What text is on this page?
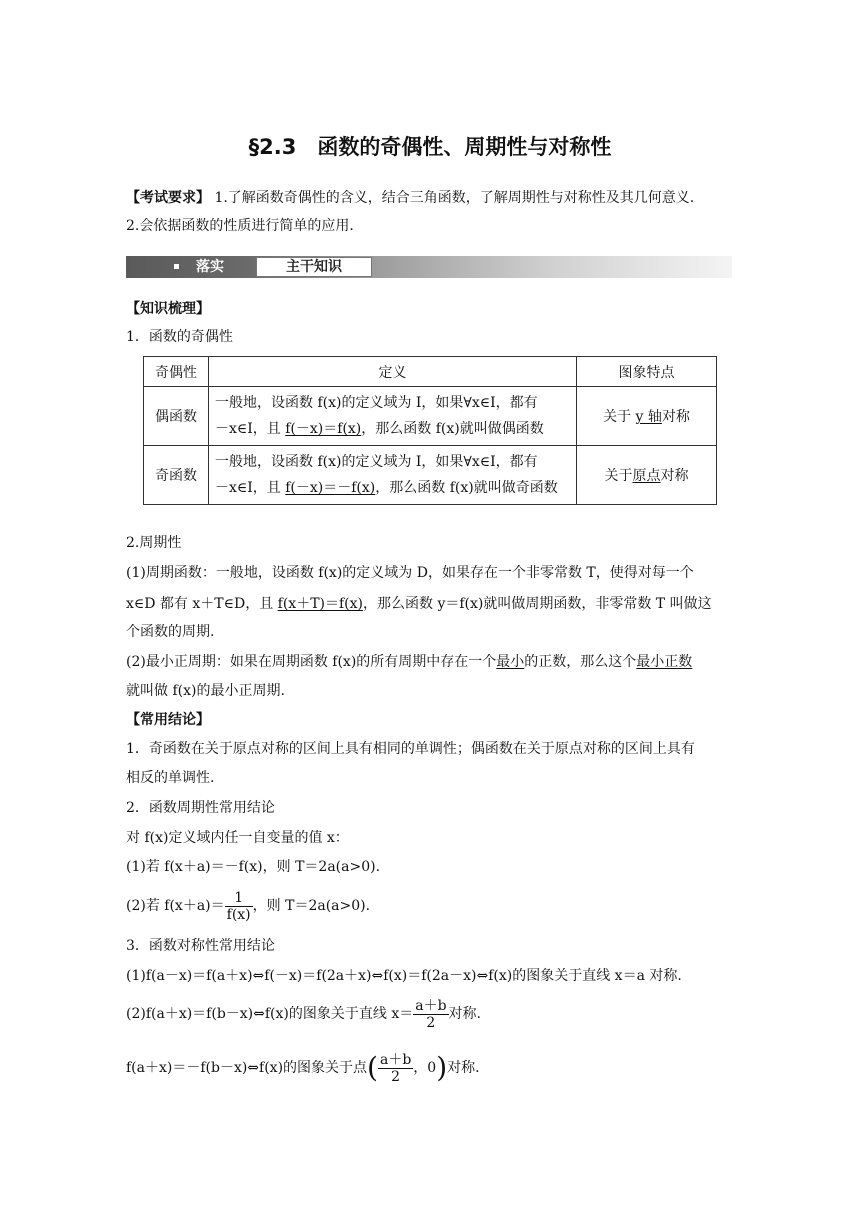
§2.3　函数的奇偶性、周期性与对称性
【考试要求】 1.了解函数奇偶性的含义，结合三角函数，了解周期性与对称性及其几何意义.
2.会依据函数的性质进行简单的应用.
落实	主干知识
【知识梳理】
1．函数的奇偶性
奇偶性	定义	图象特点
偶函数	一般地，设函数 f(x)的定义域为 I，如果∀x∈I，都有
－x∈I，且 f(－x)＝f(x)，那么函数 f(x)就叫做偶函数	关于 y 轴对称
奇函数	一般地，设函数 f(x)的定义域为 I，如果∀x∈I，都有
－x∈I，且 f(－x)＝－f(x)，那么函数 f(x)就叫做奇函数	关于原点对称
2.周期性
(1)周期函数：一般地，设函数 f(x)的定义域为 D，如果存在一个非零常数 T，使得对每一个
x∈D 都有 x＋T∈D，且 f(x＋T)＝f(x)，那么函数 y＝f(x)就叫做周期函数，非零常数 T 叫做这
个函数的周期.
(2)最小正周期：如果在周期函数 f(x)的所有周期中存在一个最小的正数，那么这个最小正数
就叫做 f(x)的最小正周期.
【常用结论】
1．奇函数在关于原点对称的区间上具有相同的单调性；偶函数在关于原点对称的区间上具有
相反的单调性.
2．函数周期性常用结论
对 f(x)定义域内任一自变量的值 x：
(1)若 f(x＋a)＝－f(x)，则 T＝2a(a>0).
(2)若 $f(x+a)= \frac{1}{f(x)}$ ，则 T＝2a(a>0).
3．函数对称性常用结论
(1)f(a－x)＝f(a＋x)⇔f(－x)＝f(2a＋x)⇔f(x)＝f(2a－x)⇔f(x)的图象关于直线 x＝a 对称.
(2)f(a＋x)＝f(b－x)⇔f(x)的图象关于直线 $x= \frac{a+b}{2}$ 对称.
f(a＋x)＝－f(b－x)⇔f(x)的图象关于点( $\frac{a+b}{2}$ ，0)对称.
